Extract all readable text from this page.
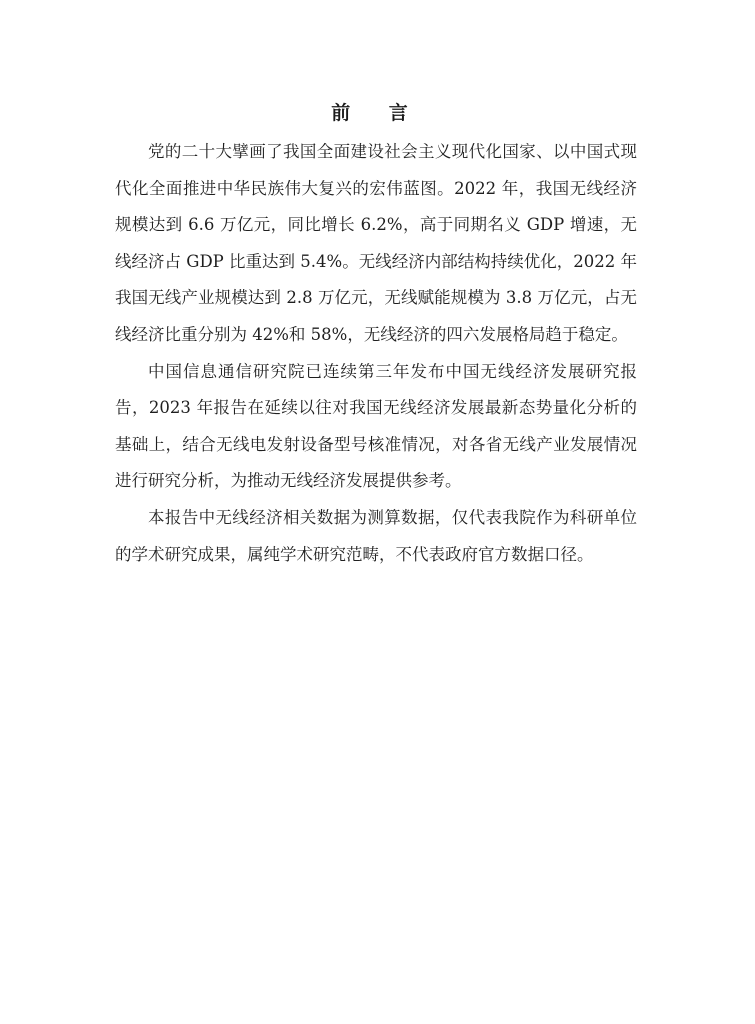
前 言

党的二十大擘画了我国全面建设社会主义现代化国家、以中国式现代化全面推进中华民族伟大复兴的宏伟蓝图。2022 年，我国无线经济规模达到 6.6 万亿元，同比增长 6.2%，高于同期名义 GDP 增速，无线经济占 GDP 比重达到 5.4%。无线经济内部结构持续优化，2022 年我国无线产业规模达到 2.8 万亿元，无线赋能规模为 3.8 万亿元，占无线经济比重分别为 42%和 58%，无线经济的四六发展格局趋于稳定。

中国信息通信研究院已连续第三年发布中国无线经济发展研究报告，2023 年报告在延续以往对我国无线经济发展最新态势量化分析的基础上，结合无线电发射设备型号核准情况，对各省无线产业发展情况进行研究分析，为推动无线经济发展提供参考。

本报告中无线经济相关数据为测算数据，仅代表我院作为科研单位的学术研究成果，属纯学术研究范畴，不代表政府官方数据口径。
